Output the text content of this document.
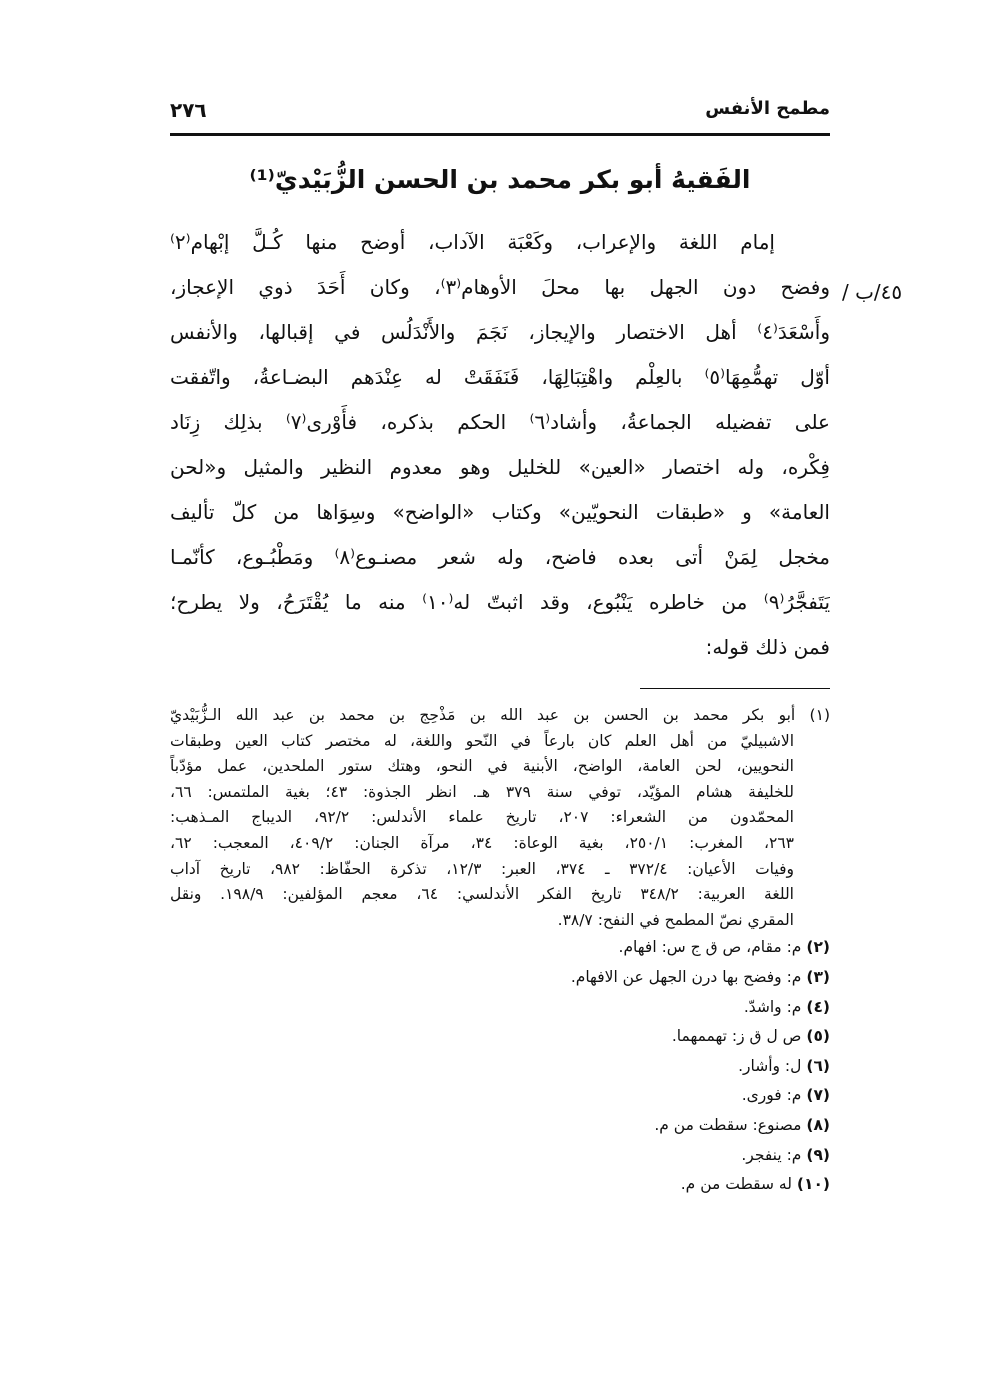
مطمح الأنفس
٢٧٦
الفَقيهُ أبو بكر محمد بن الحسن الزُّبَيْديّ⁽¹⁾
٤٥/ب /
إمام اللغة والإعراب، وكَعْبَة الآداب، أوضح منها كُـلَّ إبْهام⁽٢⁾
وفضح دون الجهل بها محلَ الأوهام⁽٣⁾، وكان أَحَدَ ذوي الإعجاز،
وأَسْعَدَ⁽٤⁾ أهل الاختصار والإيجاز، نَجَمَ والأَنْدَلُس في إقبالها، والأنفس
أوّل تهمُّمِهَا⁽٥⁾ بالعِلْم واهْتِبَالِهَا، فَنَفَقَتْ له عِنْدَهم البضـاعةُ، واتّفقت
على تفضيله الجماعةُ، وأشاد⁽٦⁾ الحكم بذكره، فأَوْرى⁽٧⁾ بذلِك زِنَاد
فِكْره، وله اختصار «العين» للخليل وهو معدوم النظير والمثيل و«لحن
العامة» و «طبقات النحويّين» وكتاب «الواضح» وسِوَاها من كلّ تأليف
مخجل لِمَنْ أتى بعده فاضح، وله شعر مصنـوع⁽٨⁾ ومَطْبُـوع، كأنّمـا
يَتَفجَّرُ⁽٩⁾ من خاطره يَنْبُوع، وقد اثبتّ له⁽١٠⁾ منه ما يُقْتَرَحُ، ولا يطرح؛
فمن ذلك قوله:
(١) أبو بكر محمد بن الحسن بن عبد الله بن مَذْحِج بن محمد بن عبد الله الـزُّبَيْديّ
الاشبيليّ من أهل العلم كان بارعاً في النّحو واللغة، له مختصر كتاب العين وطبقات
النحويين، لحن العامة، الواضح، الأبنية في النحو، وهتك ستور الملحدين، عمل مؤدّباً
للخليفة هشام المؤيّد، توفي سنة ٣٧٩ هـ. انظر الجذوة: ٤٣؛ بغية الملتمس: ٦٦،
المحمّدون من الشعراء: ٢٠٧، تاريخ علماء الأندلس: ٩٢/٢، الديباج المـذهب:
٢٦٣، المغرب: ٢٥٠/١، بغية الوعاة: ٣٤، مرآة الجنان: ٤٠٩/٢، المعجب: ٦٢،
وفيات الأعيان: ٣٧٢/٤ ـ ٣٧٤، العبر: ١٢/٣، تذكرة الحفّاظ: ٩٨٢، تاريخ آداب
اللغة العربية: ٣٤٨/٢ تاريخ الفكر الأندلسي: ٦٤، معجم المؤلفين: ١٩٨/٩. ونقل
المقري نصّ المطمح في النفح: ٣٨/٧.
(٢) م: مقام، ص ق ج س: افهام.
(٣) م: وفضح بها درن الجهل عن الافهام.
(٤) م: واشدّ.
(٥) ص ل ق ز: تهممهما.
(٦) ل: وأشار.
(٧) م: فورى.
(٨) مصنوع: سقطت من م.
(٩) م: ينفجر.
(١٠) له سقطت من م.
